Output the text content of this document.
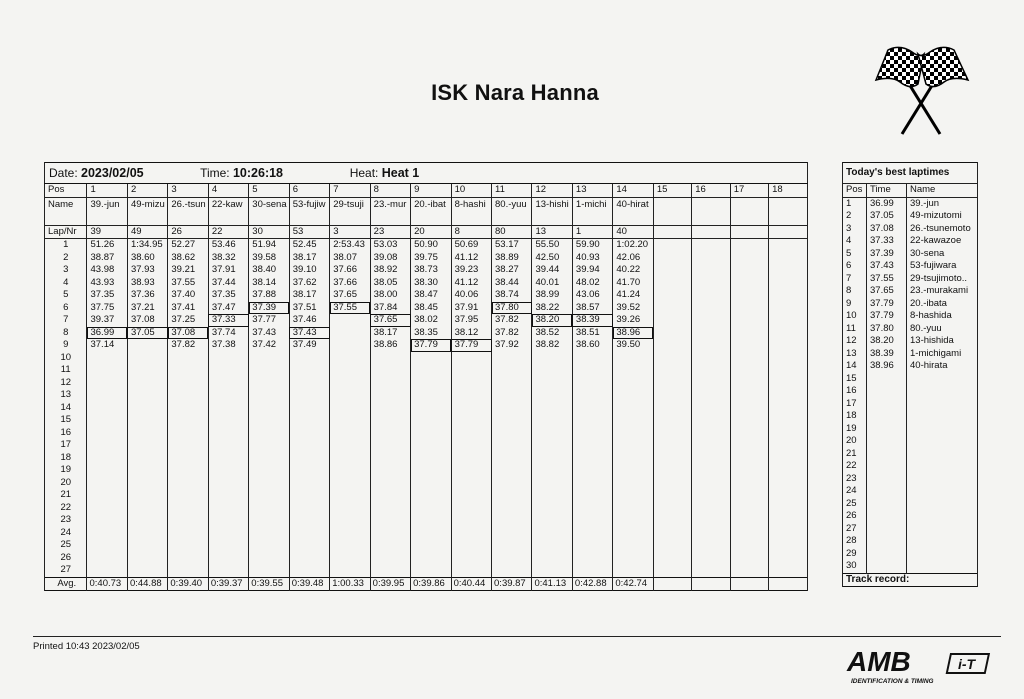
ISK Nara Hanna
Date: 2023/02/05 Time: 10:26:18 Heat: Heat 1																		
Pos	1	2	3	4	5	6	7	8	9	10	11	12	13	14	15	16	17	18
Name	39.-jun	49-mizu	26.-tsun	22-kaw	30-sena	53-fujiw	29-tsuji	23.-mur	20.-ibat	8-hashi	80.-yuu	13-hishi	1-michi	40-hirat				
Lap/Nr	39	49	26	22	30	53	3	23	20	8	80	13	1	40				
1	51.26	1:34.95	52.27	53.46	51.94	52.45	2:53.43	53.03	50.90	50.69	53.17	55.50	59.90	1:02.20				
2	38.87	38.60	38.62	38.32	39.58	38.17	38.07	39.08	39.75	41.12	38.89	42.50	40.93	42.06				
3	43.98	37.93	39.21	37.91	38.40	39.10	37.66	38.92	38.73	39.23	38.27	39.44	39.94	40.22				
4	43.93	38.93	37.55	37.44	38.14	37.62	37.66	38.05	38.30	41.12	38.44	40.01	48.02	41.70				
5	37.35	37.36	37.40	37.35	37.88	38.17	37.65	38.00	38.47	40.06	38.74	38.99	43.06	41.24				
6	37.75	37.21	37.41	37.47	37.39	37.51	37.55	37.84	38.45	37.91	37.80	38.22	38.57	39.52				
7	39.37	37.08	37.25	37.33	37.77	37.46		37.65	38.02	37.95	37.82	38.20	38.39	39.26				
8	36.99	37.05	37.08	37.74	37.43	37.43		38.17	38.35	38.12	37.82	38.52	38.51	38.96				
9	37.14		37.82	37.38	37.42	37.49		38.86	37.79	37.79	37.92	38.82	38.60	39.50				
10																		
11																		
12																		
13																		
14																		
15																		
16																		
17																		
18																		
19																		
20																		
21																		
22																		
23																		
24																		
25																		
26																		
27																		
Avg.	0:40.73	0:44.88	0:39.40	0:39.37	0:39.55	0:39.48	1:00.33	0:39.95	0:39.86	0:40.44	0:39.87	0:41.13	0:42.88	0:42.74				
Today's best laptimes		
Pos	Time	Name
1	36.99	39.-jun
2	37.05	49-mizutomi
3	37.08	26.-tsunemoto
4	37.33	22-kawazoe
5	37.39	30-sena
6	37.43	53-fujiwara
7	37.55	29-tsujimoto..
8	37.65	23.-murakami
9	37.79	20.-ibata
10	37.79	8-hashida
11	37.80	80.-yuu
12	38.20	13-hishida
13	38.39	1-michigami
14	38.96	40-hirata
15		
16		
17		
18		
19		
20		
21		
22		
23		
24		
25		
26		
27		
28		
29		
30		
Track record:		
Printed 10:43 2023/02/05	AMB	i-T
IDENTIFICATION & TIMING
